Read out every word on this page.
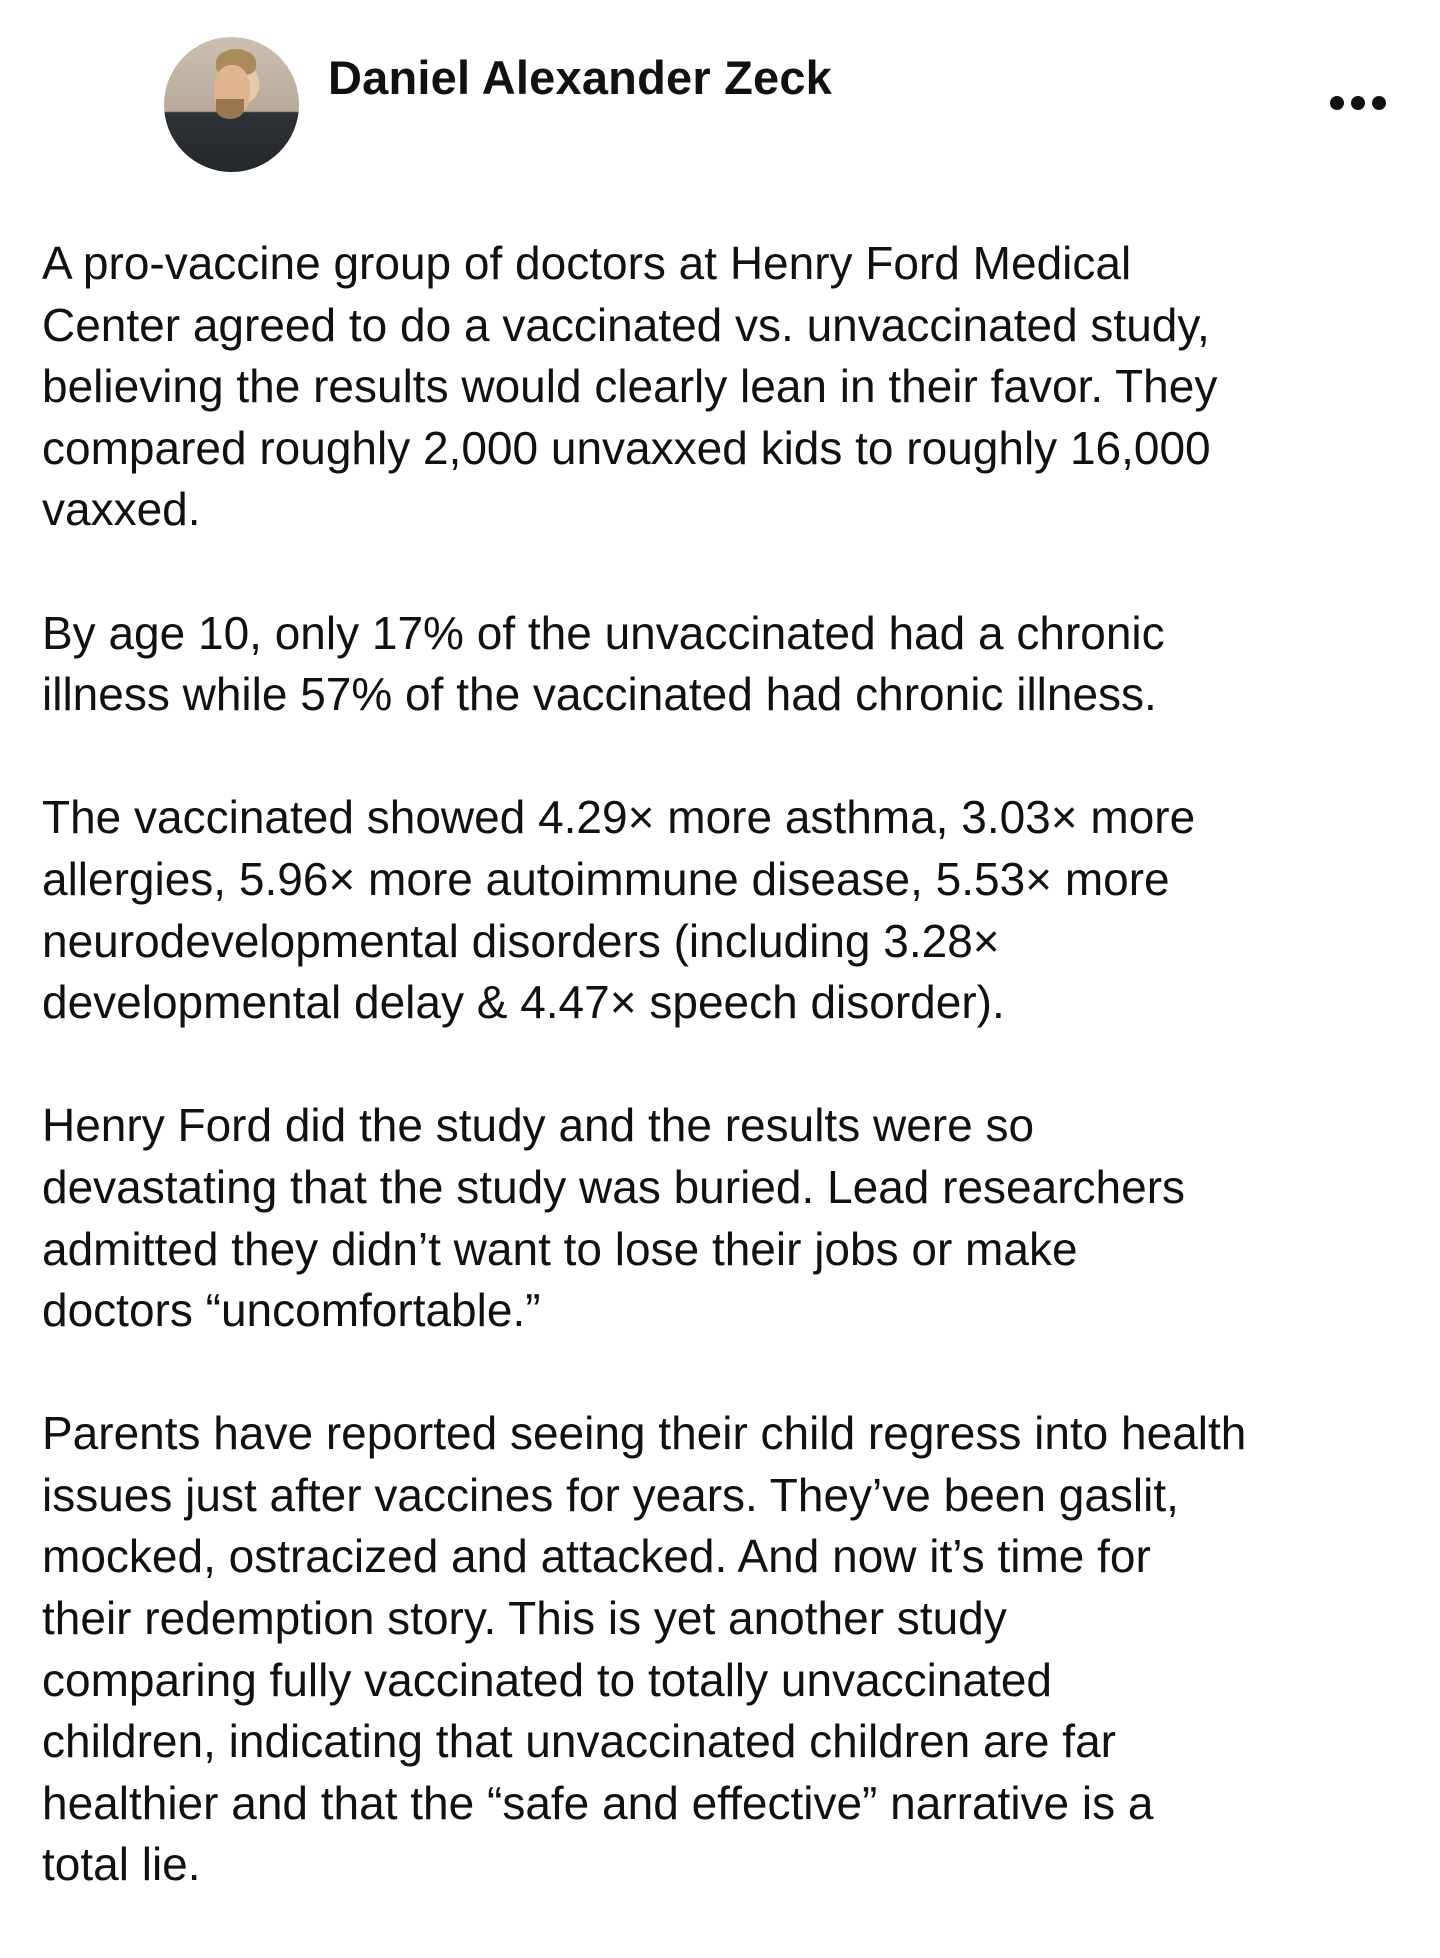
Daniel Alexander Zeck

A pro-vaccine group of doctors at Henry Ford Medical
Center agreed to do a vaccinated vs. unvaccinated study,
believing the results would clearly lean in their favor. They
compared roughly 2,000 unvaxxed kids to roughly 16,000
vaxxed.

By age 10, only 17% of the unvaccinated had a chronic
illness while 57% of the vaccinated had chronic illness.

The vaccinated showed 4.29× more asthma, 3.03× more
allergies, 5.96× more autoimmune disease, 5.53× more
neurodevelopmental disorders (including 3.28×
developmental delay & 4.47× speech disorder).

Henry Ford did the study and the results were so
devastating that the study was buried. Lead researchers
admitted they didn’t want to lose their jobs or make
doctors “uncomfortable.”

Parents have reported seeing their child regress into health
issues just after vaccines for years. They’ve been gaslit,
mocked, ostracized and attacked. And now it’s time for
their redemption story. This is yet another study
comparing fully vaccinated to totally unvaccinated
children, indicating that unvaccinated children are far
healthier and that the “safe and effective” narrative is a
total lie.
